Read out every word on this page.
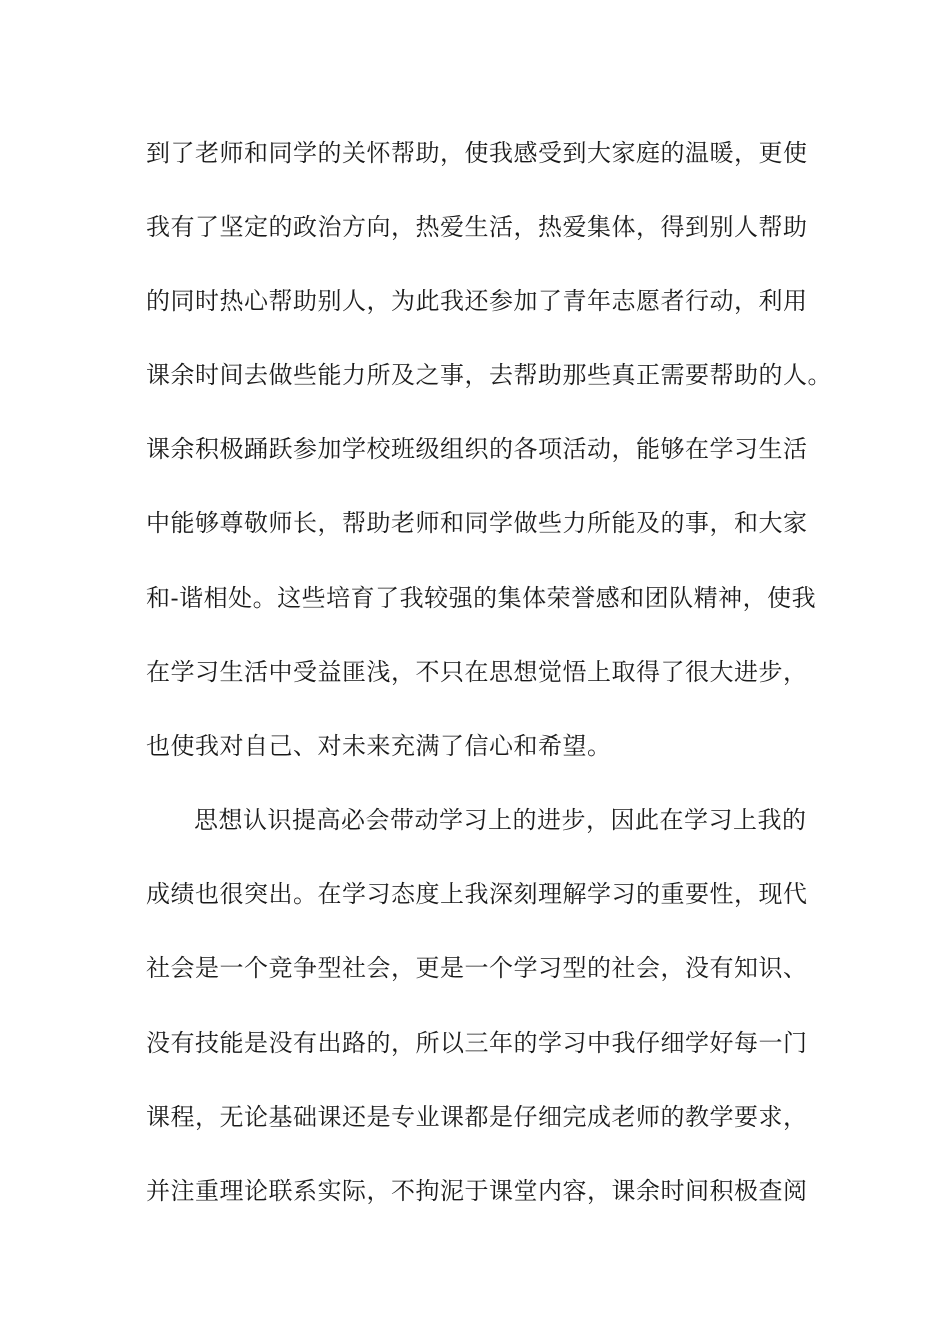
到了老师和同学的关怀帮助，使我感受到大家庭的温暖，更使
我有了坚定的政治方向，热爱生活，热爱集体，得到别人帮助
的同时热心帮助别人，为此我还参加了青年志愿者行动，利用
课余时间去做些能力所及之事，去帮助那些真正需要帮助的人。
课余积极踊跃参加学校班级组织的各项活动，能够在学习生活
中能够尊敬师长，帮助老师和同学做些力所能及的事，和大家
和-谐相处。这些培育了我较强的集体荣誉感和团队精神，使我
在学习生活中受益匪浅，不只在思想觉悟上取得了很大进步，
也使我对自己、对未来充满了信心和希望。
思想认识提高必会带动学习上的进步，因此在学习上我的
成绩也很突出。在学习态度上我深刻理解学习的重要性，现代
社会是一个竞争型社会，更是一个学习型的社会，没有知识、
没有技能是没有出路的，所以三年的学习中我仔细学好每一门
课程，无论基础课还是专业课都是仔细完成老师的教学要求，
并注重理论联系实际，不拘泥于课堂内容，课余时间积极查阅
